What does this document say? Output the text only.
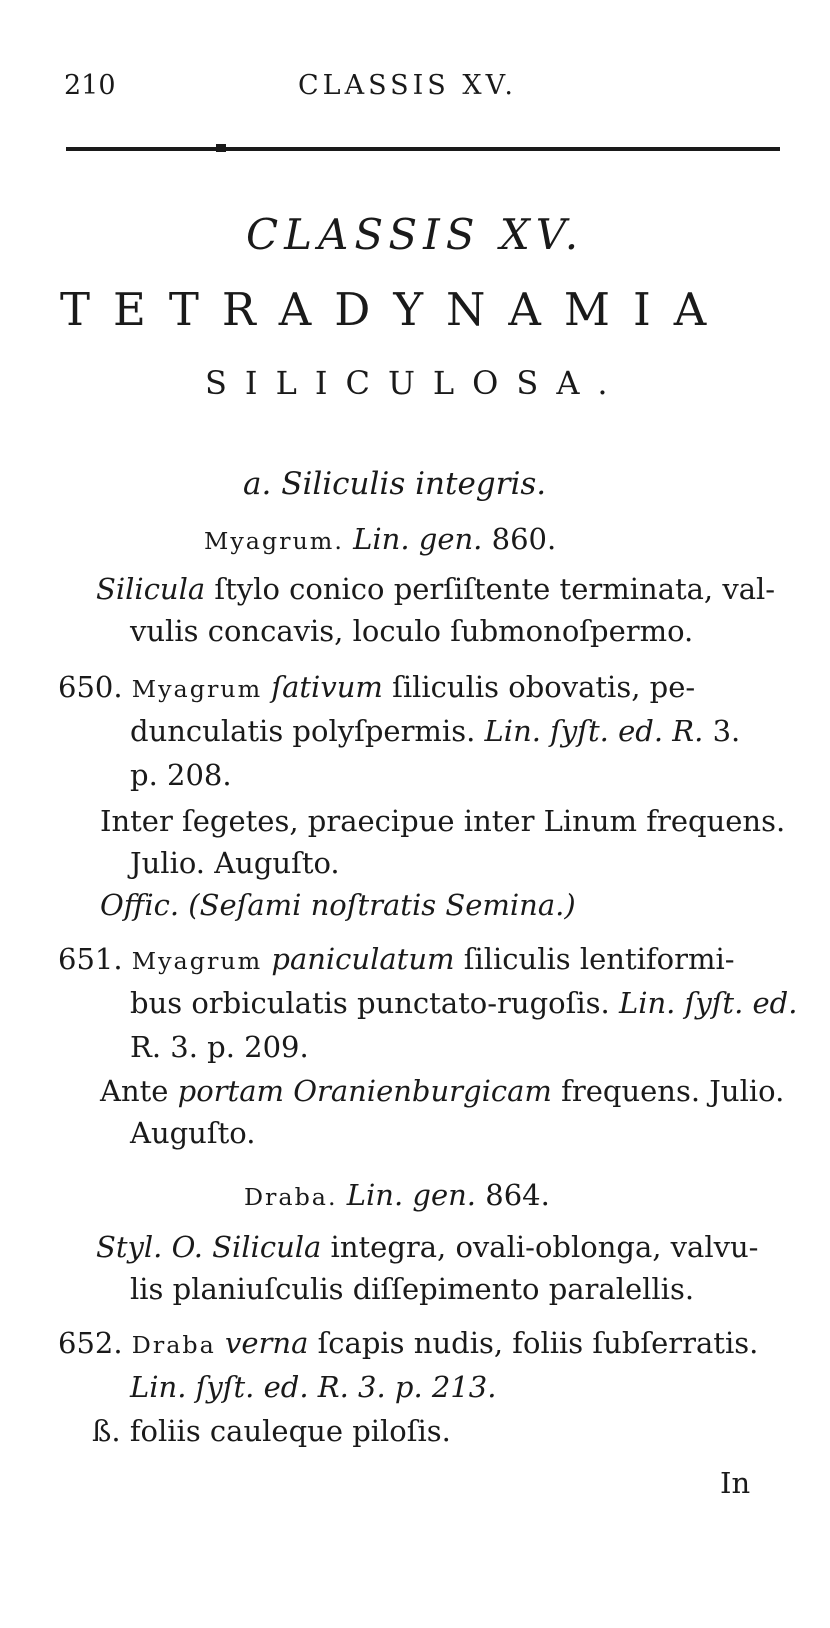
210	CLASSIS XV.
CLASSIS XV.
TETRADYNAMIA
SILICULOSA.
a. Siliculis integris.
Myagrum. Lin. gen. 860.
Silicula ſtylo conico perſiſtente terminata, val-
vulis concavis, loculo ſubmonoſpermo.
650. Myagrum ſativum ſiliculis obovatis, pe-
dunculatis polyſpermis. Lin. ſyſt. ed. R. 3.
p. 208.
Inter ſegetes, praecipue inter Linum frequens.
Julio. Auguſto.
Offic. (Seſami noſtratis Semina.)
651. Myagrum paniculatum ſiliculis lentiformi-
bus orbiculatis punctato-rugoſis. Lin. ſyſt. ed.
R. 3. p. 209.
Ante portam Oranienburgicam frequens. Julio.
Auguſto.
Draba. Lin. gen. 864.
Styl. O. Silicula integra, ovali-oblonga, valvu-
lis planiuſculis diſſepimento paralellis.
652. Draba verna ſcapis nudis, foliis ſubſerratis.
Lin. ſyſt. ed. R. 3. p. 213.
ß. foliis cauleque piloſis.
In
